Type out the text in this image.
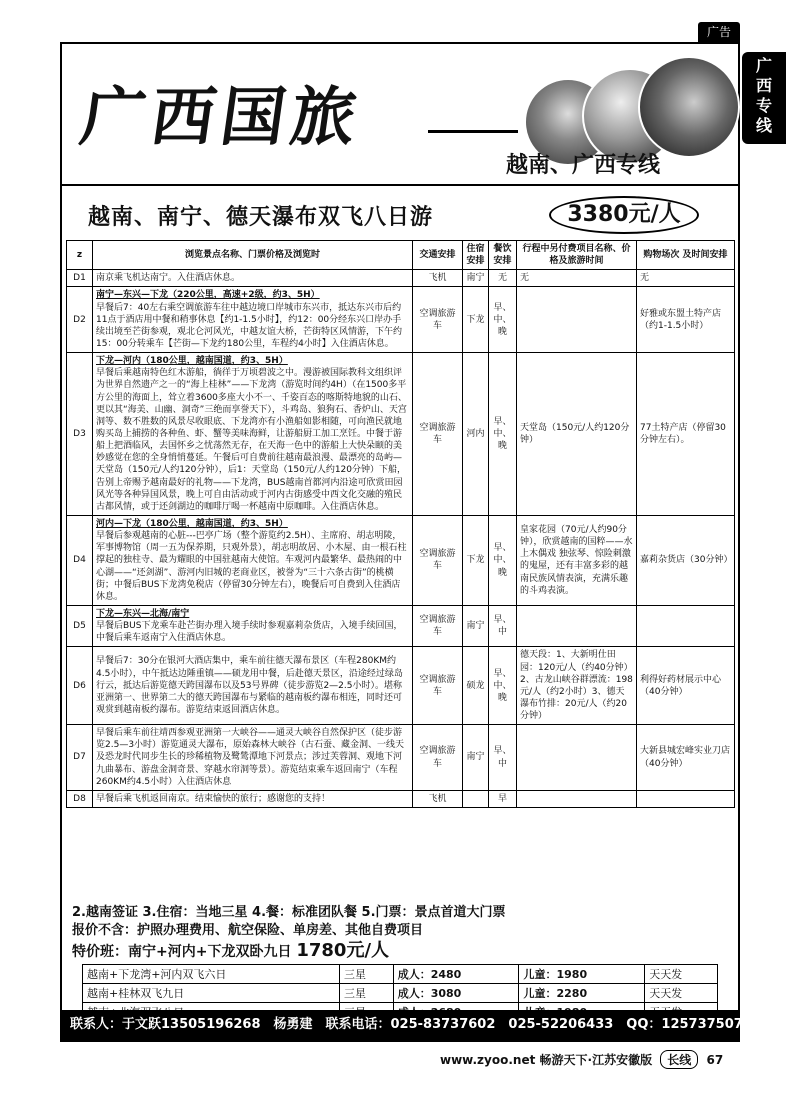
广告
广
西
专
线
广西国旅
越南、广西专线
越南、南宁、德天瀑布双飞八日游	3380元/人
z	浏览景点名称、门票价格及浏览时	交通安排	住宿安排	餐饮安排	行程中另付费项目名称、价格及旅游时间	购物场次 及时间安排
D1	南京乘飞机达南宁。入住酒店休息。	飞机	南宁	无	无	无
D2	南宁—东兴—下龙（220公里，高速+2级，约3、5H）
早餐后7：40左右乘空调旅游车往中越边境口岸城市东兴市，抵达东兴市后约11点于酒店用中餐和稍事休息【约1-1.5小时】，约12：00分经东兴口岸办手续出境至芒街参观，观北仑河风光，中越友谊大桥，芒街特区风情游，下午约15：00分转乘车【芒街—下龙约180公里，车程约4小时】入住酒店休息。	空调旅游车	下龙	早、中、晚		好雅或东盟土特产店（约1-1.5小时）
D3	下龙—河内（180公里，越南国道，约3、5H）
早餐后乘越南特色红木游船，徜徉于万顷碧波之中。漫游被国际教科文组织评为世界自然遗产之一的“海上桂林”——下龙湾（游览时间约4H）（在1500多平方公里的海面上，耸立着3600多座大小不一、千姿百态的喀斯特地貌的山石、更以其“海美、山幽、洞奇”三绝而享誉天下），斗鸡岛、狼狗石、香炉山、天宫洞等、数不胜数的风景尽收眼底、下龙湾亦有小渔船如影相随，可向渔民就地购买岛上捕捞的各种鱼、虾、蟹等美味海鲜，让游船厨工加工烹饪。中餐于游船上把酒临风，去国怀乡之忧荡然无存，在天海一色中的游船上大快朵颐的美妙感觉在您的全身悄悄蔓延。午餐后可自费前往越南最浪漫、最漂亮的岛屿—天堂岛（150元/人约120分钟），后1：天堂岛（150元/人约120分钟）下船，告别上帝赐予越南最好的礼物——下龙湾，BUS越南首都河内沿途可欣赏田园风光等各种异国风景，晚上可自由活动或于河内古街感受中西文化交融的殖民古都风情，或于还剑湖边的咖啡厅喝一杯越南中原咖啡。入住酒店休息。	空调旅游车	河内	早、中、晚	天堂岛（150元/人约120分钟）	77土特产店（停留30分钟左右）。
D4	河内—下龙（180公里，越南国道，约3、5H）
早餐后参观越南的心脏---巴亭广场（整个游览约2.5H）、主席府、胡志明陵，军事博物馆（周一五为保养期，只观外景），胡志明故居、小木屋、由一根石柱撑起的独柱寺、最为耀眼的中国驻越南大使馆。车观河内最繁华、最热闹的中心湖——“还剑湖”、游河内旧城的老商业区，被誉为“三十六条古街”的桃横街；中餐后BUS下龙湾免税店（停留30分钟左右），晚餐后可自费到入住酒店休息。	空调旅游车	下龙	早、中、晚	皇家花园（70元/人约90分钟），欣赏越南的国粹——水上木偶戏 独弦琴、惊险刺激的鬼屋，还有丰富多彩的越南民族风情表演，充满乐趣的斗鸡表演。	嘉莉杂货店（30分钟）
D5	下龙—东兴—北海/南宁
早餐后BUS下龙乘车赴芒街办理入境手续时参观嘉莉杂货店，入境手续回国，中餐后乘车返南宁入住酒店休息。	空调旅游车	南宁	早、中		
D6	早餐后7：30分在银河大酒店集中，乘车前往德天瀑布景区（车程280KM约4.5小时），中午抵达边陲重镇——硕龙用中餐，后赴德天景区，沿途经过绿岛行云，抵达后游览德天跨国瀑布以及53号界碑（徒步游览2—2.5小时）。堪称亚洲第一、世界第二大的德天跨国瀑布与紧临的越南板约瀑布相连，同时还可观赏到越南板约瀑布。游览结束返回酒店休息。	空调旅游车	硕龙	早、中、晚	德天段：1、大新明仕田园：120元/人（约40分钟）2、古龙山峡谷群漂流：198元/人（约2小时）3、德天瀑布竹排：20元/人（约20分钟）	利得好药材展示中心（40分钟）
D7	早餐后乘车前往靖西参观亚洲第一大峡谷——通灵大峡谷自然保护区（徒步游览2.5—3小时）游览通灵大瀑布，原始森林大峡谷（古石蚕、藏金洞、一线天及恐龙时代同步生长的珍稀植物及鹭鸶潭地下河景点；涉过芙蓉洞、观地下河九曲暴布、游盘金洞奇景、穿越水帘洞等景）。游览结束乘车返回南宁（车程260KM约4.5小时）入住酒店休息	空调旅游车	南宁	早、中		大新县城宏峰实业刀店（40分钟）
D8	早餐后乘飞机返回南京。结束愉快的旅行；感谢您的支持！	飞机		早		
2.越南签证 3.住宿：当地三星 4.餐：标准团队餐 5.门票：景点首道大门票
报价不含：护照办理费用、航空保险、单房差、其他自费项目
特价班：南宁+河内+下龙双卧九日 1780元/人
越南+下龙湾+河内双飞六日	三星	成人：2480	儿童：1980	天天发
越南+桂林双飞九日	三星	成人：3080	儿童：2280	天天发

联系人：于文跃13505196268　杨勇建　联系电话：025-83737602　025-52206433　QQ：1257375075
www.zyoo.net 畅游天下·江苏安徽版 长线 67
